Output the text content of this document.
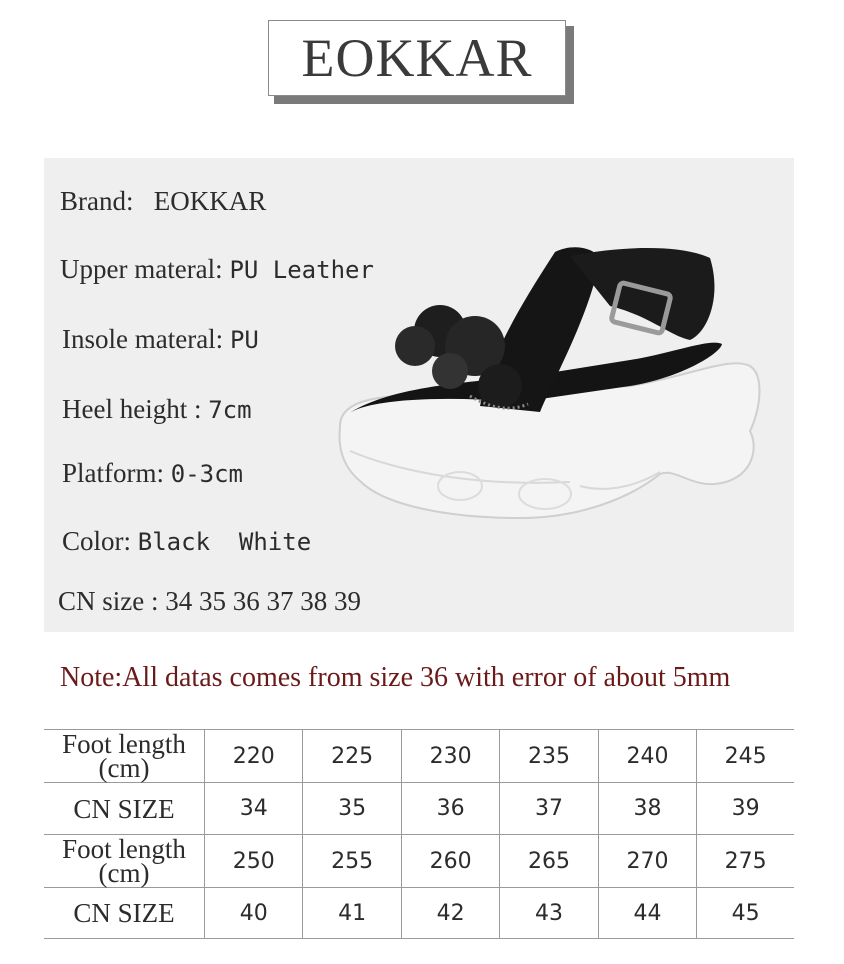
EOKKAR
Brand: EOKKAR
Upper materal: PU Leather
Insole materal: PU
Heel height : 7cm
Platform: 0-3cm
Color: Black  White
CN size : 34 35 36 37 38 39
Note:All datas comes from size 36 with error of about 5mm
Foot length
(cm)	220	225	230	235	240	245
CN SIZE	34	35	36	37	38	39

Foot length
(cm)	250	255	260	265	270	275
CN SIZE	40	41	42	43	44	45
